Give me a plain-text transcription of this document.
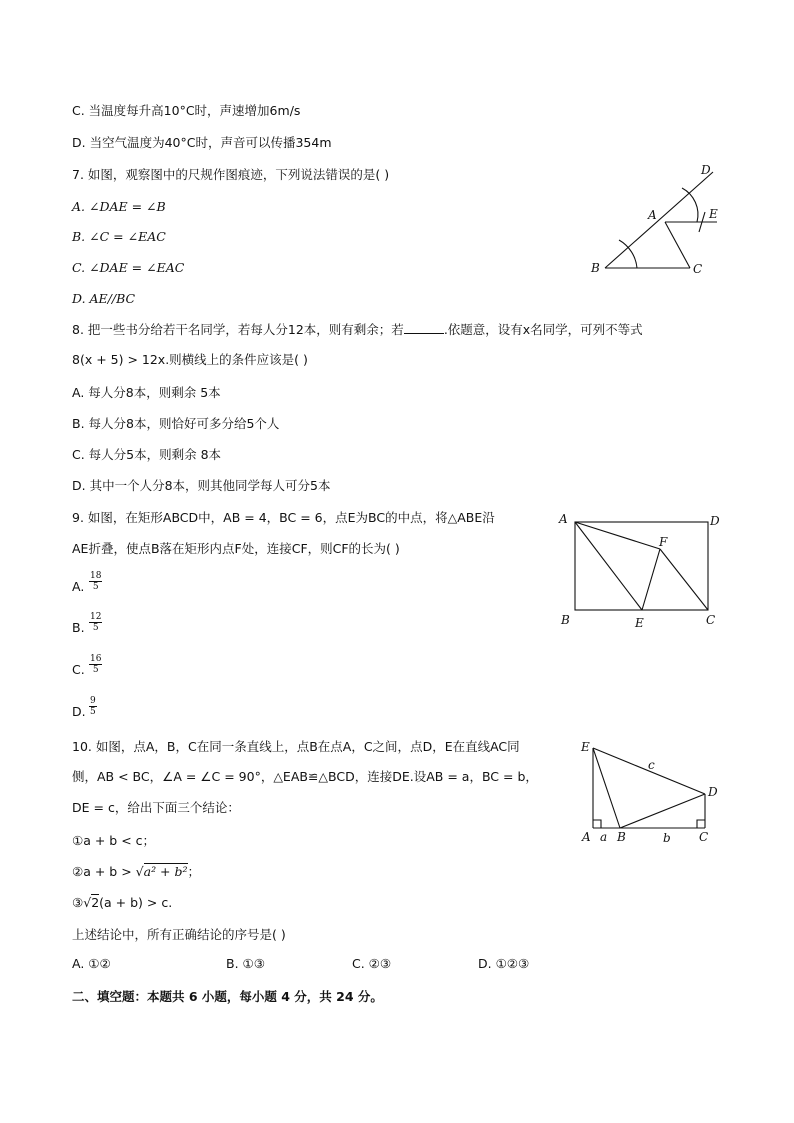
C. 当温度每升高10°C时，声速增加6m/s
D. 当空气温度为40°C时，声音可以传播354m
7. 如图，观察图中的尺规作图痕迹，下列说法错误的是( )
A. ∠DAE = ∠B
B. ∠C = ∠EAC
C. ∠DAE = ∠EAC
D. AE//BC
D
A	E
B	C
8. 把一些书分给若干名同学，若每人分12本，则有剩余；若	.依题意，设有x名同学，可列不等式
8(x + 5) > 12x.则横线上的条件应该是( )
A. 每人分8本，则剩余 5本
B. 每人分8本，则恰好可多分给5个人
C. 每人分5本，则剩余 8本
D. 其中一个人分8本，则其他同学每人可分5本
9. 如图，在矩形ABCD中，AB = 4，BC = 6，点E为BC的中点，将△ABE沿
AE折叠，使点B落在矩形内点F处，连接CF，则CF的长为( )
A. $\frac{18}{5}$
B. $\frac{12}{5}$
C. $\frac{16}{5}$
D. $\frac{9}{5}$
A	D
F
B	E	C
10. 如图，点A，B，C在同一条直线上，点B在点A，C之间，点D，E在直线AC同
侧，AB < BC，∠A = ∠C = 90°，△EAB≌△BCD，连接DE.设AB = a，BC = b，
DE = c，给出下面三个结论：
①a + b < c；
②a + b > √a² + b²；
③√2(a + b) > c.
上述结论中，所有正确结论的序号是( )
A. ①②	B. ①③	C. ②③	D. ①②③
E
c
D
A a B	b C
二、填空题：本题共 6 小题，每小题 4 分，共 24 分。
